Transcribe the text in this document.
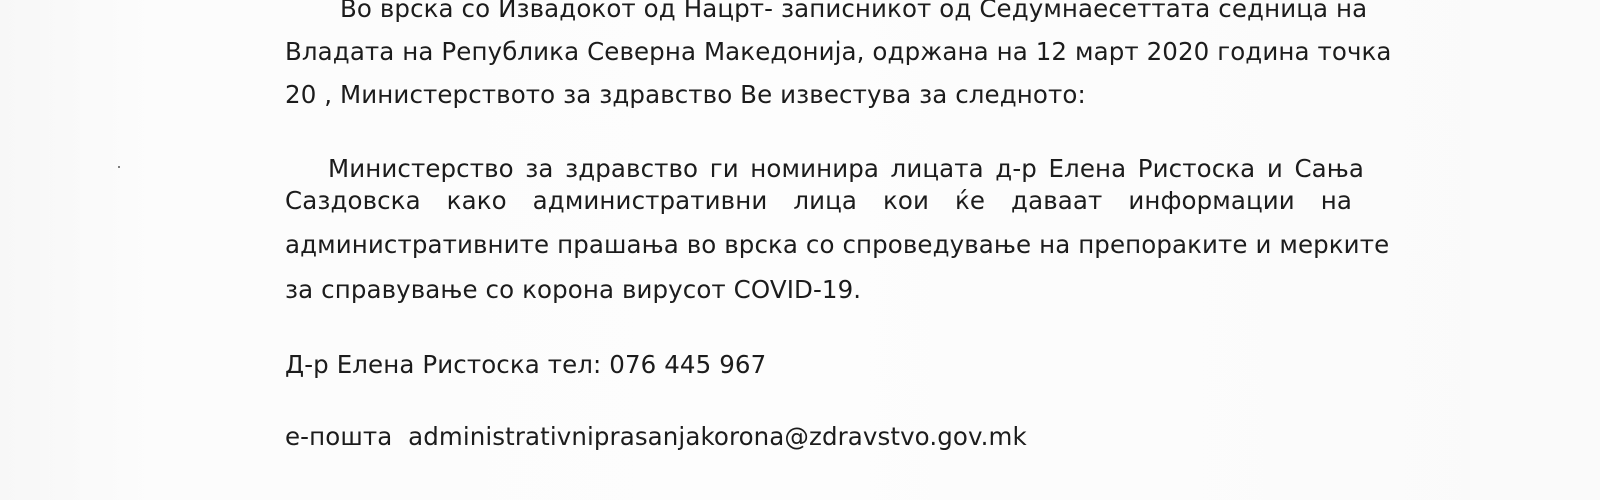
Во врска со Извадокот од Нацрт- записникот од Седумнаесеттата седница на
Владата на Република Северна Македонија, одржана на 12 март 2020 година точка
20 , Министерството за здравство Ве известува за следното:
Министерство за здравство ги номинира лицата д-р Елена Ристоска и Сања
Саздовска како административни лица кои ќе даваат информации на
административните прашања во врска со спроведување на препораките и мерките
за справување со корона вирусот COVID-19.
Д-р Елена Ристоска тел: 076 445 967
е-пошта  administrativniprasanjakorona@zdravstvo.gov.mk
